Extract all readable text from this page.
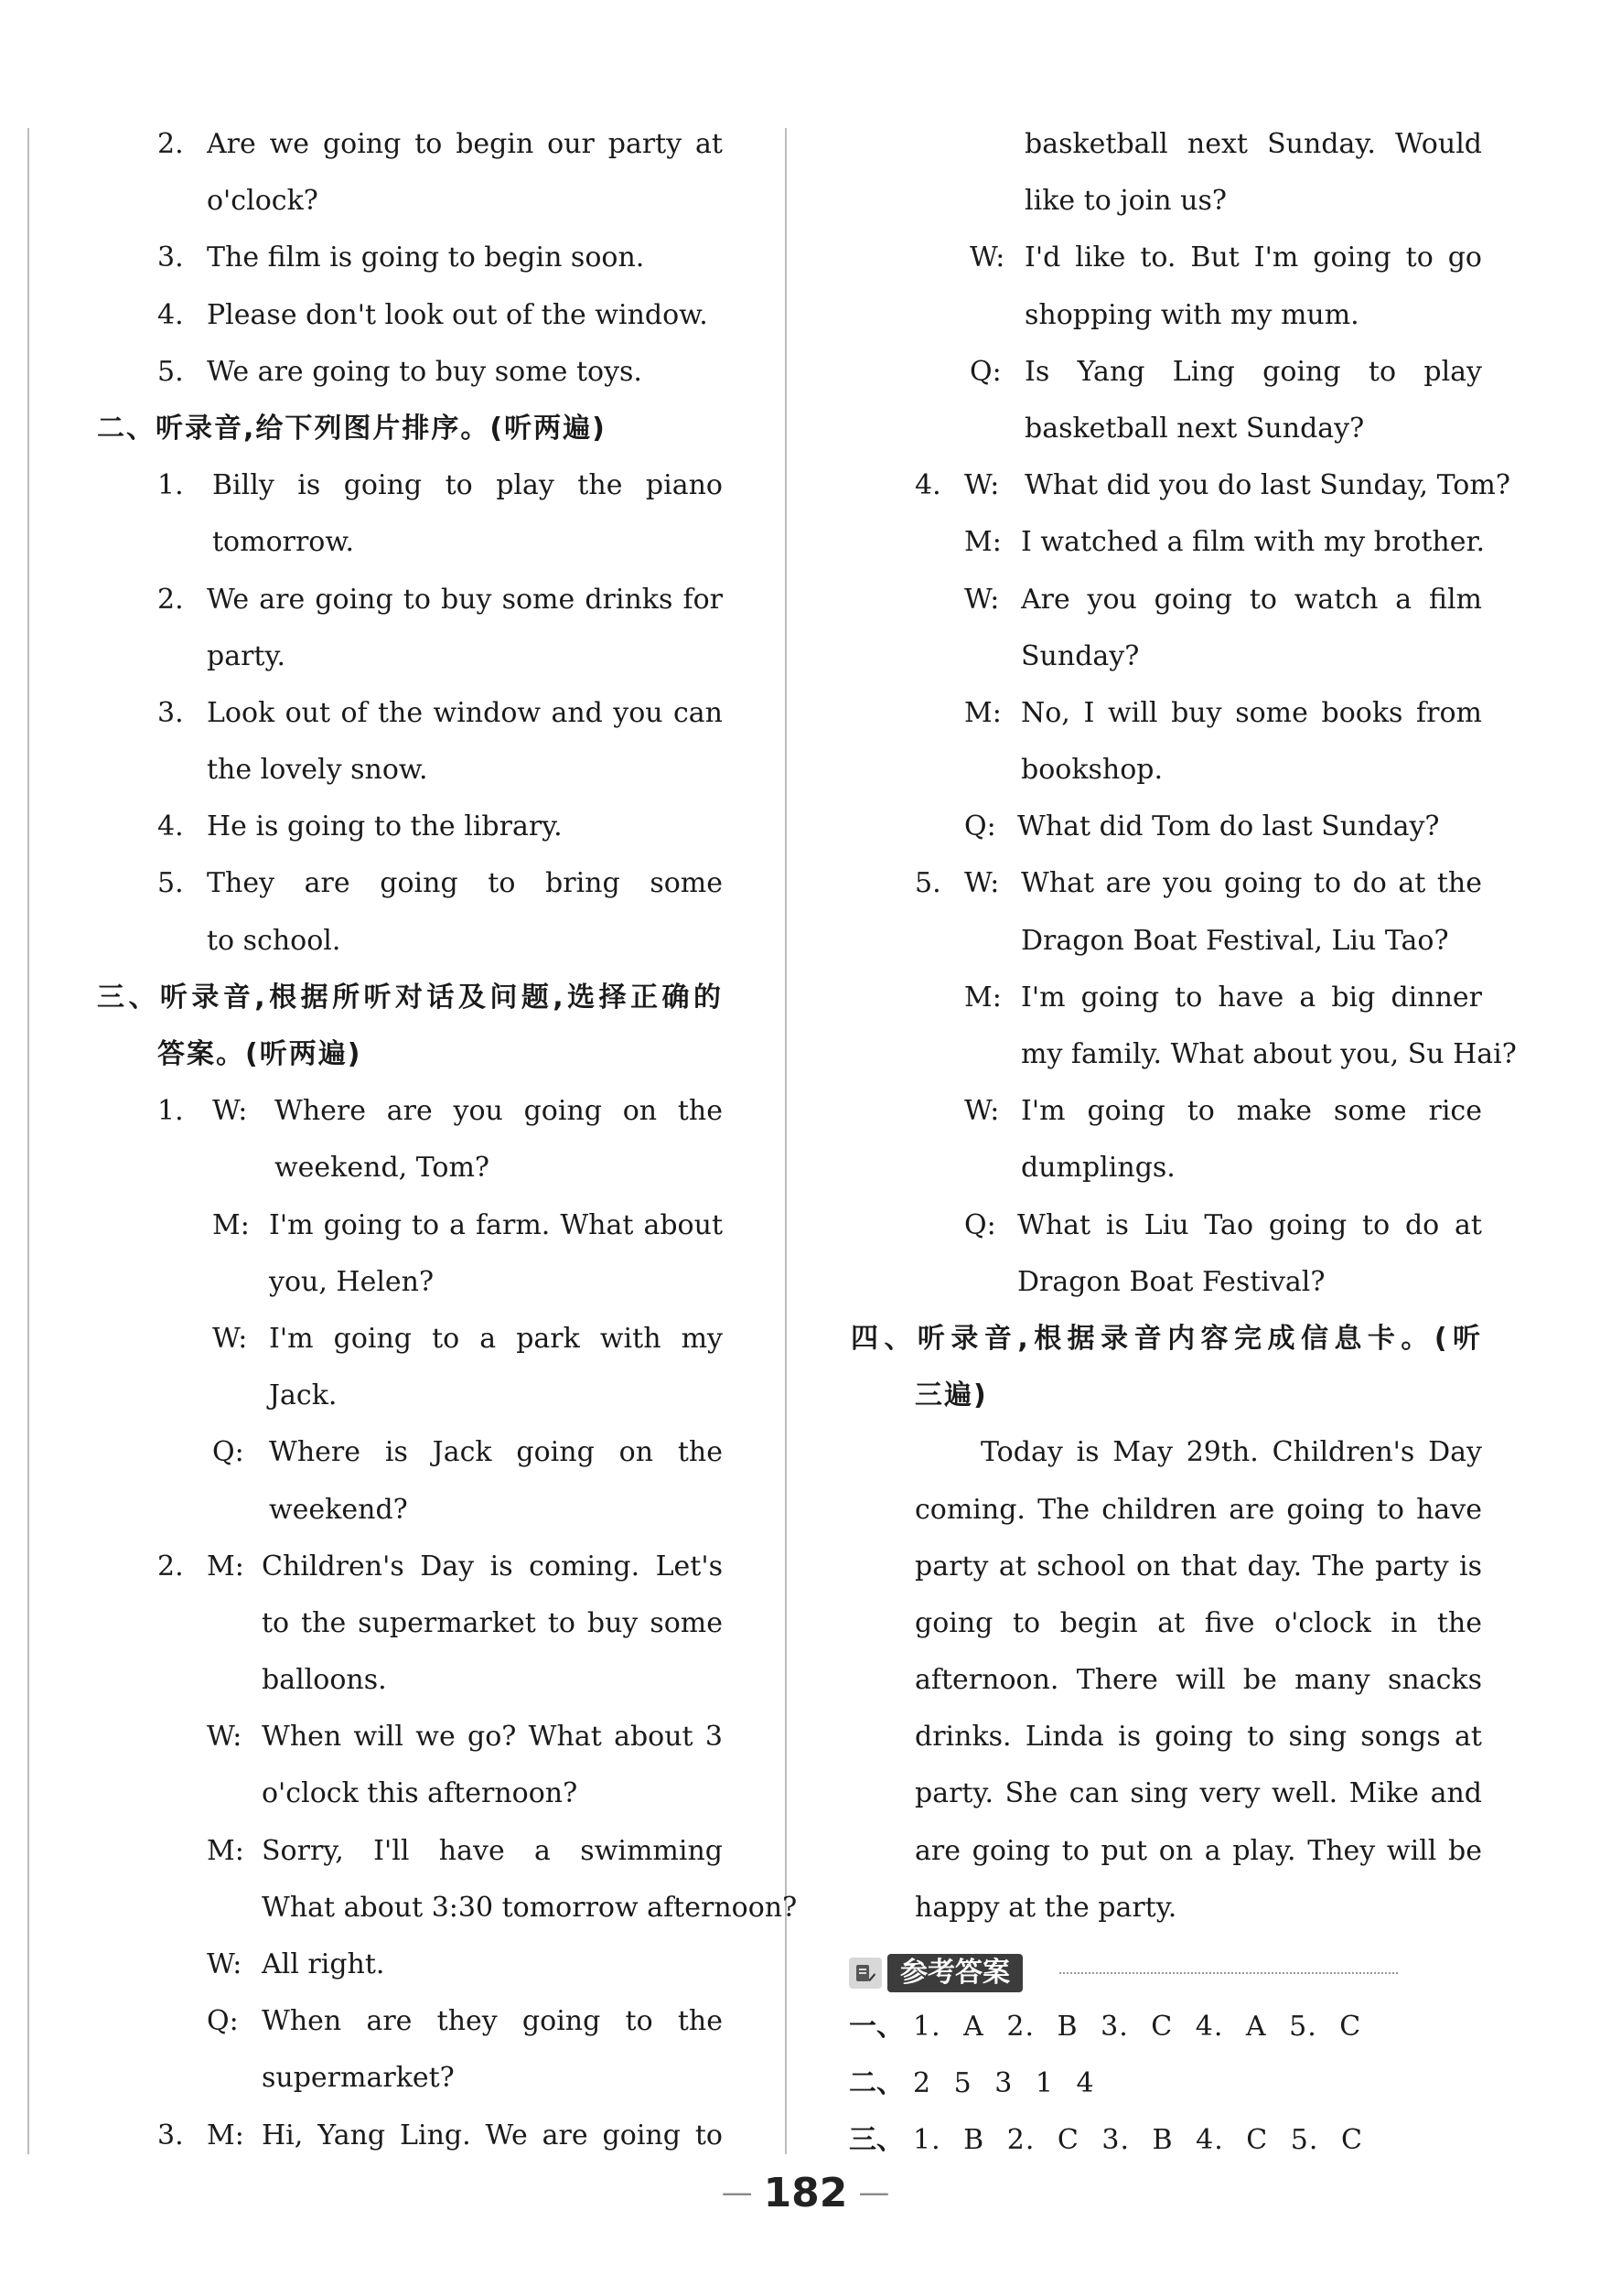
2. Are we going to begin our party at
o'clock?
3. The film is going to begin soon.
4. Please don't look out of the window.
5. We are going to buy some toys.
二、听录音,给下列图片排序。(听两遍)
1. Billy is going to play the piano
tomorrow.
2. We are going to buy some drinks for
party.
3. Look out of the window and you can
the lovely snow.
4. He is going to the library.
5. They are going to bring some
to school.
三、听录音,根据所听对话及问题,选择正确的
答案。(听两遍)
1. W: Where are you going on the
weekend, Tom?
M: I'm going to a farm. What about
you, Helen?
W: I'm going to a park with my
Jack.
Q: Where is Jack going on the
weekend?
2. M: Children's Day is coming. Let's
to the supermarket to buy some
balloons.
W: When will we go? What about 3
o'clock this afternoon?
M: Sorry, I'll have a swimming
What about 3:30 tomorrow afternoon?
W: All right.
Q: When are they going to the
supermarket?
3. M: Hi, Yang Ling. We are going to
basketball next Sunday. Would
like to join us?
W: I'd like to. But I'm going to go
shopping with my mum.
Q: Is Yang Ling going to play
basketball next Sunday?
4. W: What did you do last Sunday, Tom?
M: I watched a film with my brother.
W: Are you going to watch a film
Sunday?
M: No, I will buy some books from
bookshop.
Q: What did Tom do last Sunday?
5. W: What are you going to do at the
Dragon Boat Festival, Liu Tao?
M: I'm going to have a big dinner
my family. What about you, Su Hai?
W: I'm going to make some rice
dumplings.
Q: What is Liu Tao going to do at
Dragon Boat Festival?
四、听录音,根据录音内容完成信息卡。(听
三遍)
Today is May 29th. Children's Day
coming. The children are going to have
party at school on that day. The party is
going to begin at five o'clock in the
afternoon. There will be many snacks
drinks. Linda is going to sing songs at
party. She can sing very well. Mike and
are going to put on a play. They will be
happy at the party.
参考答案
一、 1. A 2. B 3. C 4. A 5. C
二、 2 5 3 1 4
三、 1. B 2. C 3. B 4. C 5. C
— 182 —
